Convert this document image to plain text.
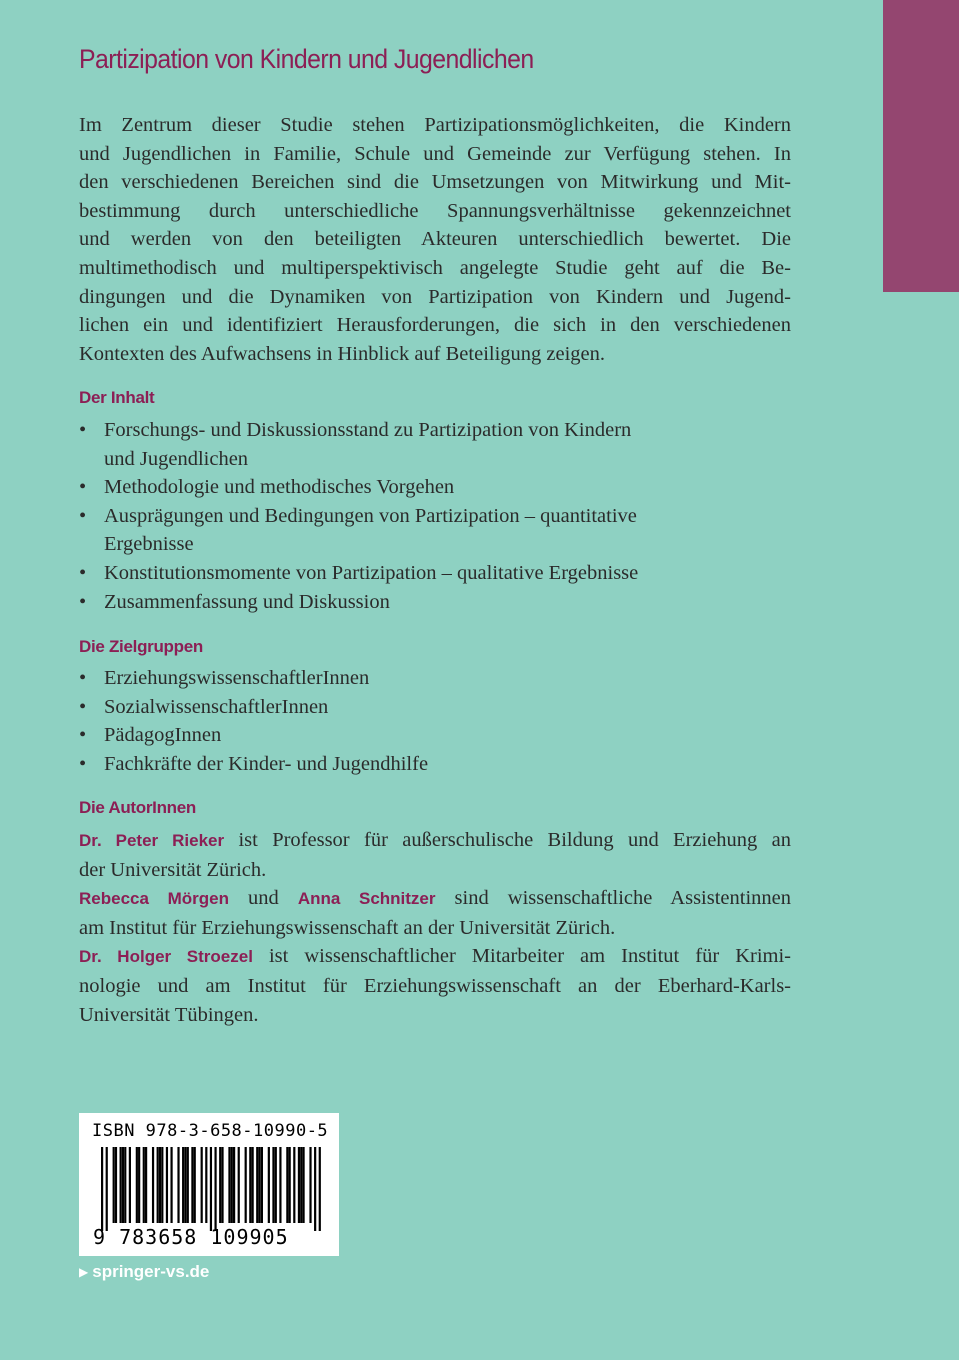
Partizipation von Kindern und Jugendlichen
Im Zentrum dieser Studie stehen Partizipationsmöglichkeiten, die Kindern
und Jugendlichen in Familie, Schule und Gemeinde zur Verfügung stehen. In
den verschiedenen Bereichen sind die Umsetzungen von Mitwirkung und Mit-
bestimmung durch unterschiedliche Spannungsverhältnisse gekennzeichnet
und werden von den beteiligten Akteuren unterschiedlich bewertet. Die
multimethodisch und multiperspektivisch angelegte Studie geht auf die Be-
dingungen und die Dynamiken von Partizipation von Kindern und Jugend-
lichen ein und identifiziert Herausforderungen, die sich in den verschiedenen
Kontexten des Aufwachsens in Hinblick auf Beteiligung zeigen.
Der Inhalt
• Forschungs- und Diskussionsstand zu Partizipation von Kindern
und Jugendlichen
• Methodologie und methodisches Vorgehen
• Ausprägungen und Bedingungen von Partizipation – quantitative
Ergebnisse
• Konstitutionsmomente von Partizipation – qualitative Ergebnisse
• Zusammenfassung und Diskussion
Die Zielgruppen
• ErziehungswissenschaftlerInnen
• SozialwissenschaftlerInnen
• PädagogInnen
• Fachkräfte der Kinder- und Jugendhilfe
Die AutorInnen

Dr. Peter Rieker ist Professor für außerschulische Bildung und Erziehung an

der Universität Zürich.

Rebecca Mörgen und Anna Schnitzer sind wissenschaftliche Assistentinnen

am Institut für Erziehungswissenschaft an der Universität Zürich.

Dr. Holger Stroezel ist wissenschaftlicher Mitarbeiter am Institut für Krimi-

nologie und am Institut für Erziehungswissenschaft an der Eberhard-Karls-

Universität Tübingen.

ISBN 978-3-658-10990-5
9 783658 109905
▶ springer-vs.de
